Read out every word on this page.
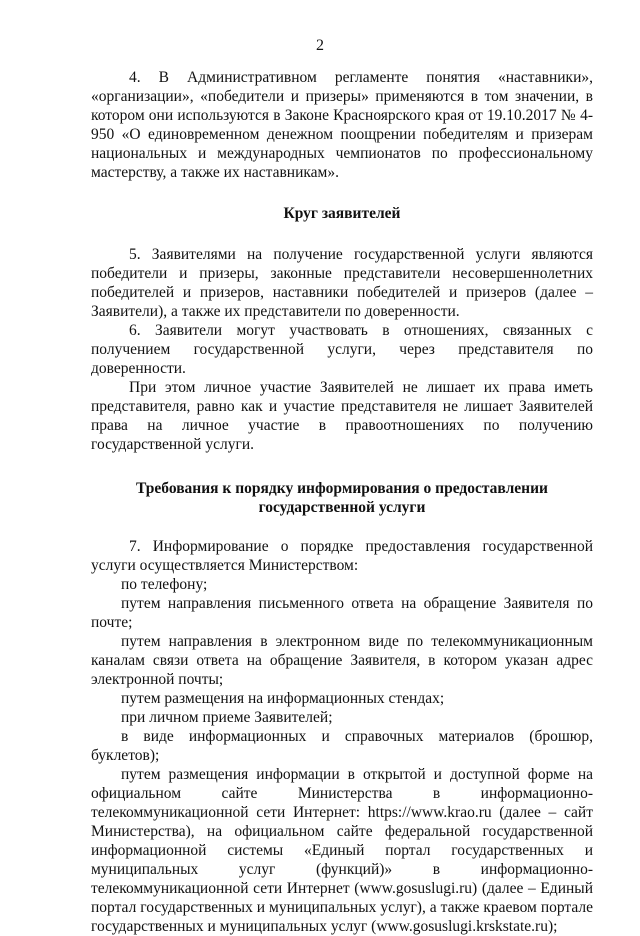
2

4. В Административном регламенте понятия «наставники», «организации», «победители и призеры» применяются в том значении, в котором они используются в Законе Красноярского края от 19.10.2017 № 4-950 «О единовременном денежном поощрении победителям и призерам национальных и международных чемпионатов по профессиональному мастерству, а также их наставникам».

Круг заявителей

5. Заявителями на получение государственной услуги являются победители и призеры, законные представители несовершеннолетних победителей и призеров, наставники победителей и призеров (далее – Заявители), а также их представители по доверенности.

6. Заявители могут участвовать в отношениях, связанных с получением государственной услуги, через представителя по доверенности.

При этом личное участие Заявителей не лишает их права иметь представителя, равно как и участие представителя не лишает Заявителей права на личное участие в правоотношениях по получению государственной услуги.

Требования к порядку информирования о предоставлении государственной услуги

7. Информирование о порядке предоставления государственной услуги осуществляется Министерством:

по телефону;

путем направления письменного ответа на обращение Заявителя по почте;

путем направления в электронном виде по телекоммуникационным каналам связи ответа на обращение Заявителя, в котором указан адрес электронной почты;

путем размещения на информационных стендах;

при личном приеме Заявителей;

в виде информационных и справочных материалов (брошюр, буклетов);

путем размещения информации в открытой и доступной форме на официальном сайте Министерства в информационно-телекоммуникационной сети Интернет: https://www.krao.ru (далее – сайт Министерства), на официальном сайте федеральной государственной информационной системы «Единый портал государственных и муниципальных услуг (функций)» в информационно-телекоммуникационной сети Интернет (www.gosuslugi.ru) (далее – Единый портал государственных и муниципальных услуг), а также краевом портале государственных и муниципальных услуг (www.gosuslugi.krskstate.ru);
